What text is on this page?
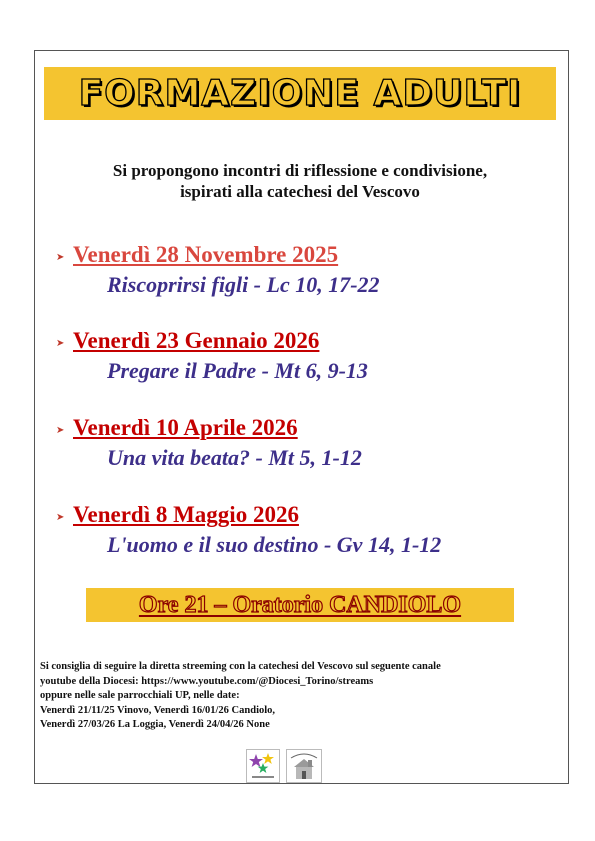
FORMAZIONE ADULTI
Si propongono incontri di riflessione e condivisione,
ispirati alla catechesi del Vescovo
➤ Venerdì 28 Novembre 2025
Riscoprirsi figli - Lc 10, 17-22
➤ Venerdì 23 Gennaio 2026
Pregare il Padre - Mt 6, 9-13
➤ Venerdì 10 Aprile 2026
Una vita beata? - Mt 5, 1-12
➤ Venerdì 8 Maggio 2026
L'uomo e il suo destino - Gv 14, 1-12
Ore 21 – Oratorio CANDIOLO
Si consiglia di seguire la diretta streeming con la catechesi del Vescovo sul seguente canale
youtube della Diocesi: https://www.youtube.com/@Diocesi_Torino/streams
oppure nelle sale parrocchiali UP, nelle date:
Venerdì 21/11/25 Vinovo, Venerdì 16/01/26 Candiolo,
Venerdì 27/03/26 La Loggia, Venerdì 24/04/26 None
